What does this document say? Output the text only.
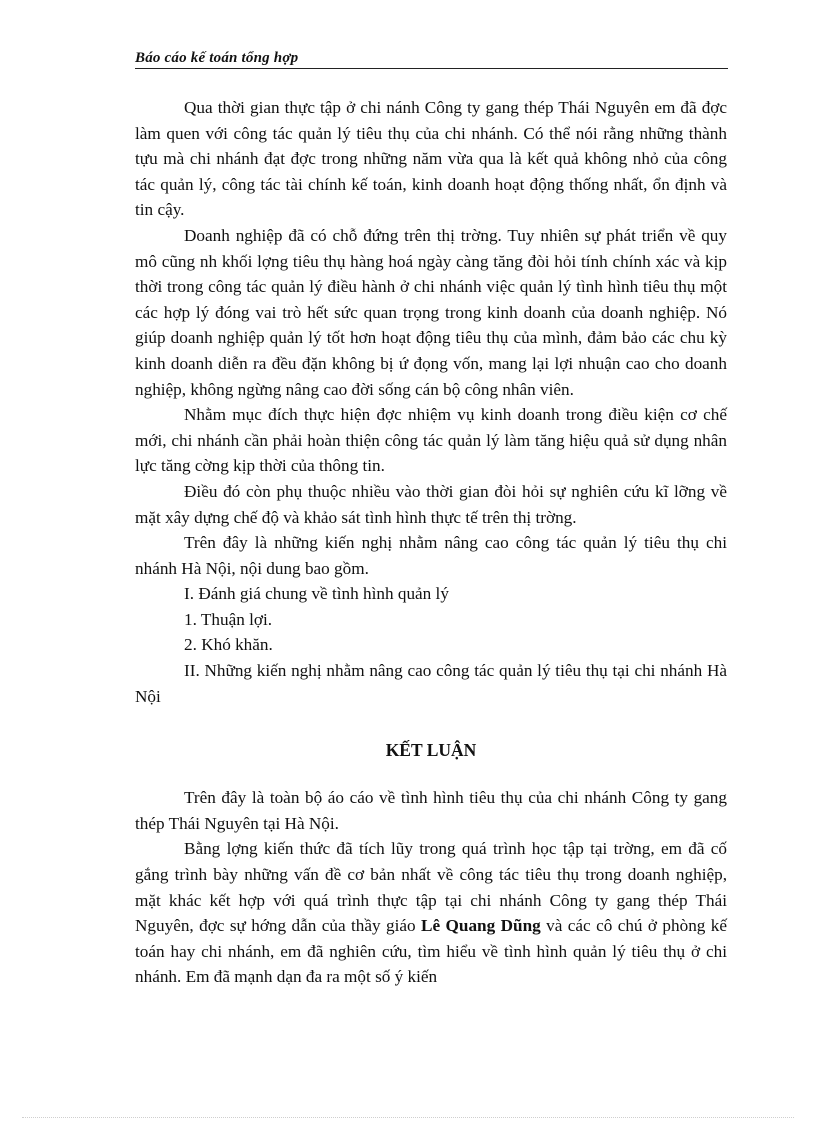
Báo cáo kế toán tổng hợp

Qua thời gian thực tập ở chi nánh Công ty gang thép Thái Nguyên em đã đợc làm quen với công tác quản lý tiêu thụ của chi nhánh. Có thể nói rằng những thành tựu mà chi nhánh đạt đợc trong những năm vừa qua là kết quả không nhỏ của công tác quản lý, công tác tài chính kế toán, kinh doanh hoạt động thống nhất, ổn định và tin cậy.

Doanh nghiệp đã có chỗ đứng trên thị trờng. Tuy nhiên sự phát triển về quy mô cũng nh khối lợng tiêu thụ hàng hoá ngày càng tăng đòi hỏi tính chính xác và kịp thời trong công tác quản lý điều hành ở chi nhánh việc quản lý tình hình tiêu thụ một các hợp lý đóng vai trò hết sức quan trọng trong kinh doanh của doanh nghiệp. Nó giúp doanh nghiệp quản lý tốt hơn hoạt động tiêu thụ của mình, đảm bảo các chu kỳ kinh doanh diễn ra đều đặn không bị ứ đọng vốn, mang lại lợi nhuận cao cho doanh nghiệp, không ngừng nâng cao đời sống cán bộ công nhân viên.

Nhằm mục đích thực hiện đợc nhiệm vụ kinh doanh trong điều kiện cơ chế mới, chi nhánh cần phải hoàn thiện công tác quản lý làm tăng hiệu quả sử dụng nhân lực tăng cờng kịp thời của thông tin.

Điều đó còn phụ thuộc nhiều vào thời gian đòi hỏi sự nghiên cứu kĩ lỡng về mặt xây dựng chế độ và khảo sát tình hình thực tế trên thị trờng.

Trên đây là những kiến nghị nhằm nâng cao công tác quản lý tiêu thụ chi nhánh Hà Nội, nội dung bao gồm.

I. Đánh giá chung về tình hình quản lý

1. Thuận lợi.

2. Khó khăn.

II. Những kiến nghị nhằm nâng cao công tác quản lý tiêu thụ tại chi nhánh Hà Nội

KẾT LUẬN

Trên đây là toàn bộ áo cáo về tình hình tiêu thụ của chi nhánh Công ty gang thép Thái Nguyên tại Hà Nội.

Bằng lợng kiến thức đã tích lũy trong quá trình học tập tại trờng, em đã cố gắng trình bày những vấn đề cơ bản nhất về công tác tiêu thụ trong doanh nghiệp, mặt khác kết hợp với quá trình thực tập tại chi nhánh Công ty gang thép Thái Nguyên, đợc sự hớng dẫn của thầy giáo Lê Quang Dũng và các cô chú ở phòng kế toán hay chi nhánh, em đã nghiên cứu, tìm hiểu về tình hình quản lý tiêu thụ ở chi nhánh. Em đã mạnh dạn đa ra một số ý kiến
